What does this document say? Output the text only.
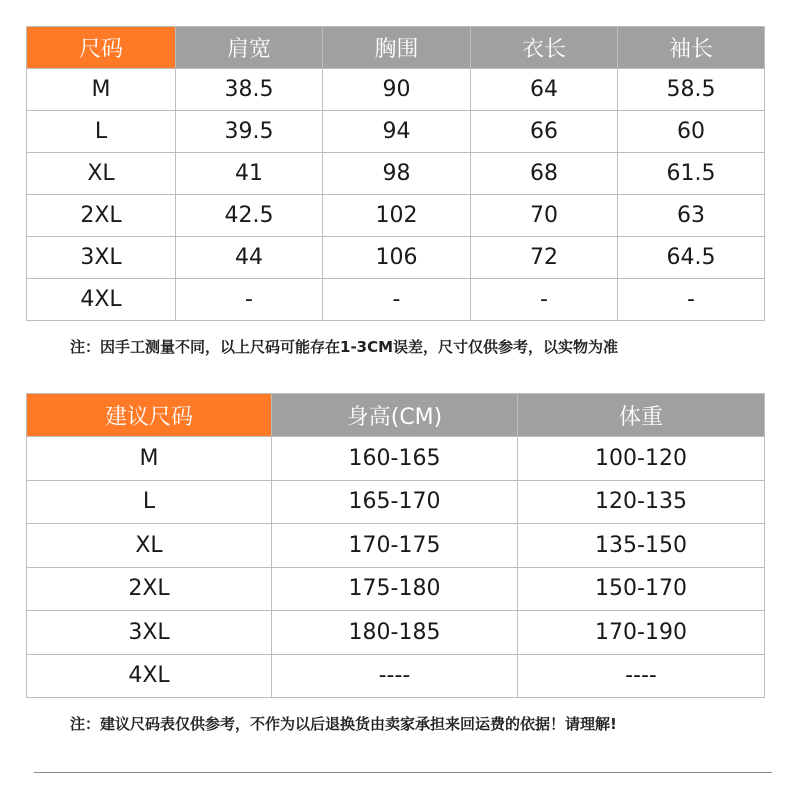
尺码	肩宽	胸围	衣长	袖长
M	38.5	90	64	58.5
L	39.5	94	66	60
XL	41	98	68	61.5
2XL	42.5	102	70	63
3XL	44	106	72	64.5
4XL	-	-	-	-
注：因手工测量不同，以上尺码可能存在1-3CM误差，尺寸仅供参考，以实物为准
建议尺码	身高(CM)	体重
M	160-165	100-120
L	165-170	120-135
XL	170-175	135-150
2XL	175-180	150-170
3XL	180-185	170-190
4XL	----	----
注：建议尺码表仅供参考，不作为以后退换货由卖家承担来回运费的依据！请理解!
